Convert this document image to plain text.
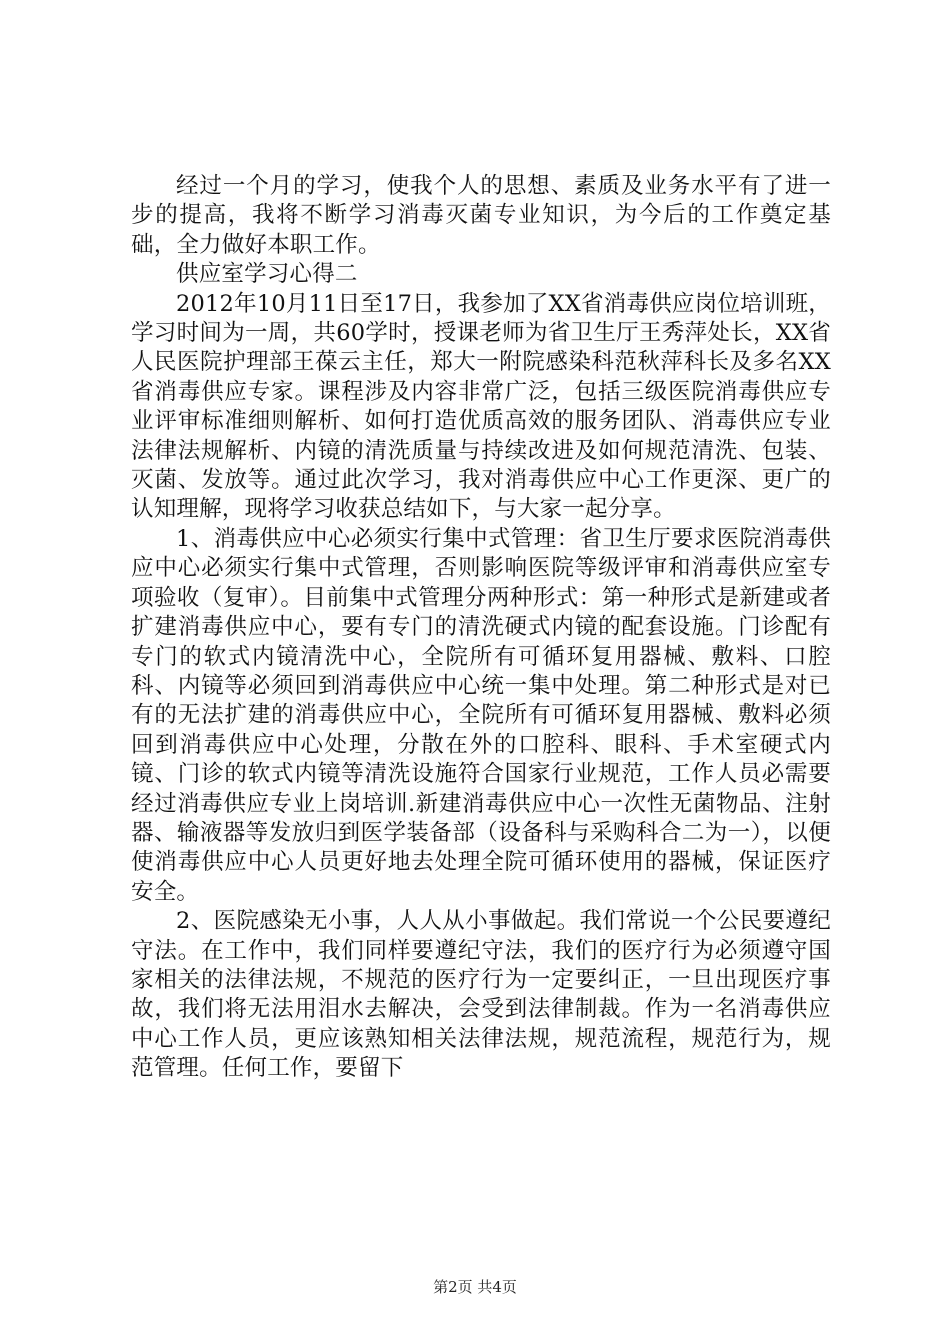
经过一个月的学习，使我个人的思想、素质及业务水平有了进一步的提高，我将不断学习消毒灭菌专业知识，为今后的工作奠定基础，全力做好本职工作。

供应室学习心得二

2012年10月11日至17日，我参加了XX省消毒供应岗位培训班，学习时间为一周，共60学时，授课老师为省卫生厅王秀萍处长，XX省人民医院护理部王葆云主任，郑大一附院感染科范秋萍科长及多名XX省消毒供应专家。课程涉及内容非常广泛，包括三级医院消毒供应专业评审标准细则解析、如何打造优质高效的服务团队、消毒供应专业法律法规解析、内镜的清洗质量与持续改进及如何规范清洗、包装、灭菌、发放等。通过此次学习，我对消毒供应中心工作更深、更广的认知理解，现将学习收获总结如下，与大家一起分享。

1、消毒供应中心必须实行集中式管理：省卫生厅要求医院消毒供应中心必须实行集中式管理，否则影响医院等级评审和消毒供应室专项验收（复审）。目前集中式管理分两种形式：第一种形式是新建或者扩建消毒供应中心，要有专门的清洗硬式内镜的配套设施。门诊配有专门的软式内镜清洗中心，全院所有可循环复用器械、敷料、口腔科、内镜等必须回到消毒供应中心统一集中处理。第二种形式是对已有的无法扩建的消毒供应中心，全院所有可循环复用器械、敷料必须回到消毒供应中心处理，分散在外的口腔科、眼科、手术室硬式内镜、门诊的软式内镜等清洗设施符合国家行业规范，工作人员必需要经过消毒供应专业上岗培训.新建消毒供应中心一次性无菌物品、注射器、输液器等发放归到医学装备部（设备科与采购科合二为一），以便使消毒供应中心人员更好地去处理全院可循环使用的器械，保证医疗安全。

2、医院感染无小事，人人从小事做起。我们常说一个公民要遵纪守法。在工作中，我们同样要遵纪守法，我们的医疗行为必须遵守国家相关的法律法规，不规范的医疗行为一定要纠正，一旦出现医疗事故，我们将无法用泪水去解决，会受到法律制裁。作为一名消毒供应中心工作人员，更应该熟知相关法律法规，规范流程，规范行为，规范管理。任何工作，要留下

第2页 共4页
